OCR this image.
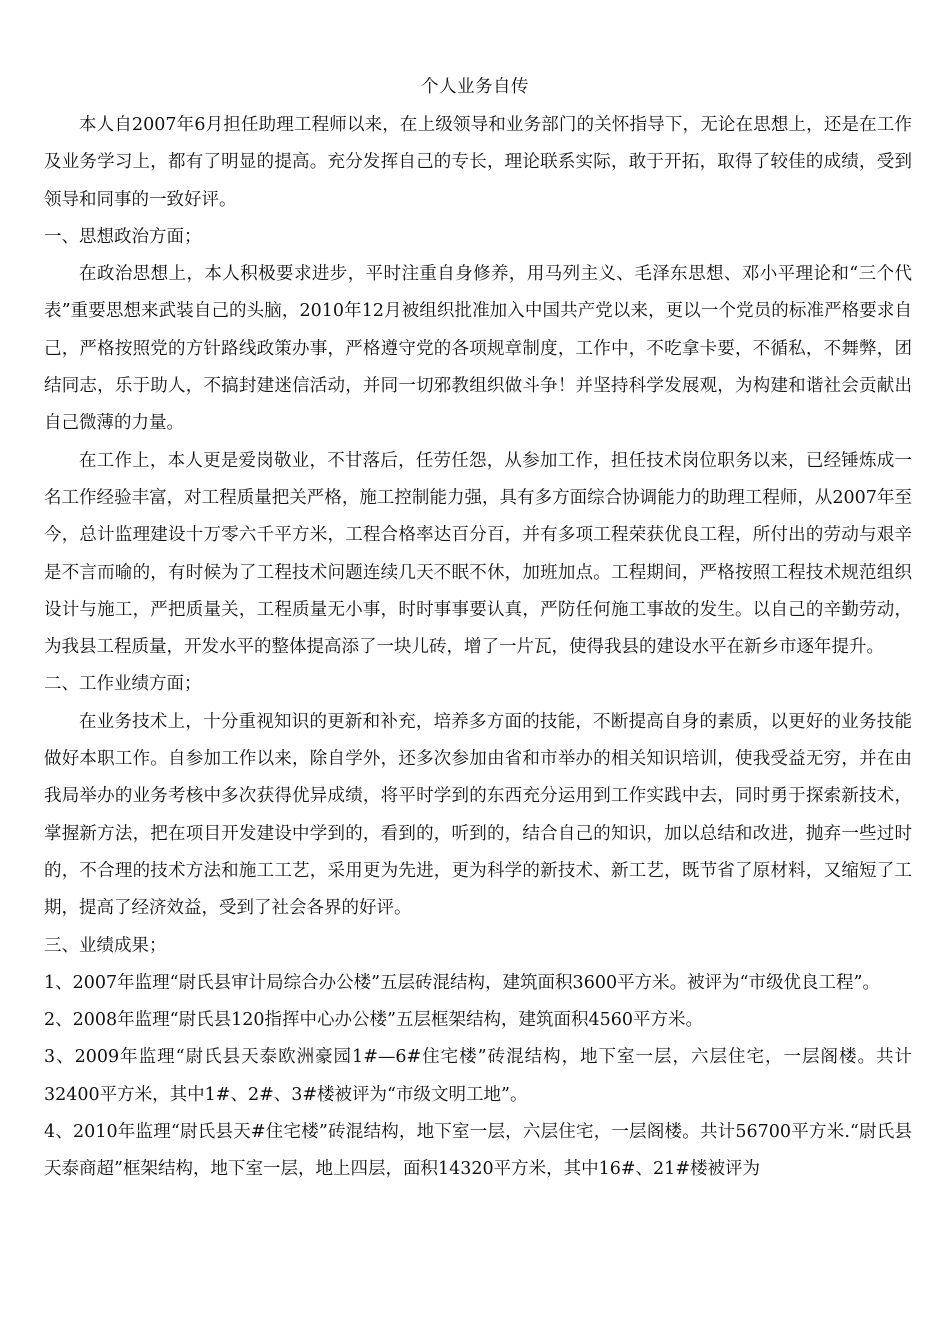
个人业务自传

本人自2007年6月担任助理工程师以来，在上级领导和业务部门的关怀指导下，无论在思想上，还是在工作及业务学习上，都有了明显的提高。充分发挥自己的专长，理论联系实际，敢于开拓，取得了较佳的成绩，受到领导和同事的一致好评。

一、思想政治方面；

在政治思想上，本人积极要求进步，平时注重自身修养，用马列主义、毛泽东思想、邓小平理论和“三个代表”重要思想来武装自己的头脑，2010年12月被组织批准加入中国共产党以来，更以一个党员的标准严格要求自己，严格按照党的方针路线政策办事，严格遵守党的各项规章制度，工作中，不吃拿卡要，不循私，不舞弊，团结同志，乐于助人，不搞封建迷信活动，并同一切邪教组织做斗争！并坚持科学发展观，为构建和谐社会贡献出自己微薄的力量。

在工作上，本人更是爱岗敬业，不甘落后，任劳任怨，从参加工作，担任技术岗位职务以来，已经锤炼成一名工作经验丰富，对工程质量把关严格，施工控制能力强，具有多方面综合协调能力的助理工程师，从2007年至今，总计监理建设十万零六千平方米，工程合格率达百分百，并有多项工程荣获优良工程，所付出的劳动与艰辛是不言而喻的，有时候为了工程技术问题连续几天不眠不休，加班加点。工程期间，严格按照工程技术规范组织设计与施工，严把质量关，工程质量无小事，时时事事要认真，严防任何施工事故的发生。以自己的辛勤劳动，为我县工程质量，开发水平的整体提高添了一块儿砖，增了一片瓦，使得我县的建设水平在新乡市逐年提升。

二、工作业绩方面；

在业务技术上，十分重视知识的更新和补充，培养多方面的技能，不断提高自身的素质，以更好的业务技能做好本职工作。自参加工作以来，除自学外，还多次参加由省和市举办的相关知识培训，使我受益无穷，并在由我局举办的业务考核中多次获得优异成绩，将平时学到的东西充分运用到工作实践中去，同时勇于探索新技术，掌握新方法，把在项目开发建设中学到的，看到的，听到的，结合自己的知识，加以总结和改进，抛弃一些过时的，不合理的技术方法和施工工艺，采用更为先进，更为科学的新技术、新工艺，既节省了原材料，又缩短了工期，提高了经济效益，受到了社会各界的好评。

三、业绩成果；

1、2007年监理“尉氏县审计局综合办公楼”五层砖混结构，建筑面积3600平方米。被评为“市级优良工程”。

2、2008年监理“尉氏县120指挥中心办公楼”五层框架结构，建筑面积4560平方米。

3、2009年监理“尉氏县天泰欧洲豪园1#—6#住宅楼”砖混结构，地下室一层，六层住宅，一层阁楼。共计32400平方米，其中1#、2#、3#楼被评为“市级文明工地”。

4、2010年监理“尉氏县天#住宅楼”砖混结构，地下室一层，六层住宅，一层阁楼。共计56700平方米.“尉氏县天泰商超”框架结构，地下室一层，地上四层，面积14320平方米，其中16#、21#楼被评为
